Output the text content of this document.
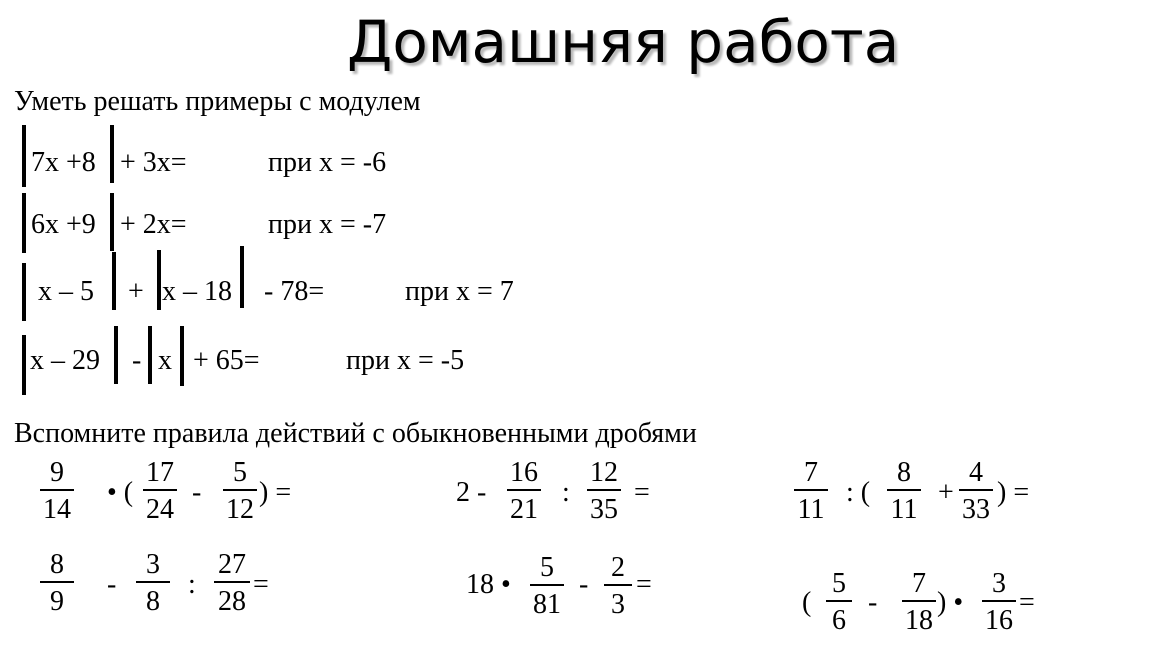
Домашняя работа
Уметь решать примеры с модулем
7х +8 + 3х=	при х = -6
6х +9 + 2х=	при х = -7
х – 5 + х – 18 - 78=	при х = 7
х – 29 - х + 65=	при х = -5
Вспомните правила действий с обыкновенными дробями
$\frac{9}{14}$ • ( $\frac{17}{24} - \frac{5}{12}$ ) =	$2 - \frac{16}{21}$ : $\frac{12}{35}$ =	$\frac{7}{11}$ : ( $\frac{8}{11} + \frac{4}{33}$ ) =
$\frac{8}{9} - \frac{3}{8}$ : $\frac{27}{28}$ =	18 • $\frac{5}{81} - \frac{2}{3}$ =
( $\frac{5}{6} - \frac{7}{18}$ ) • $\frac{3}{16}$ =
